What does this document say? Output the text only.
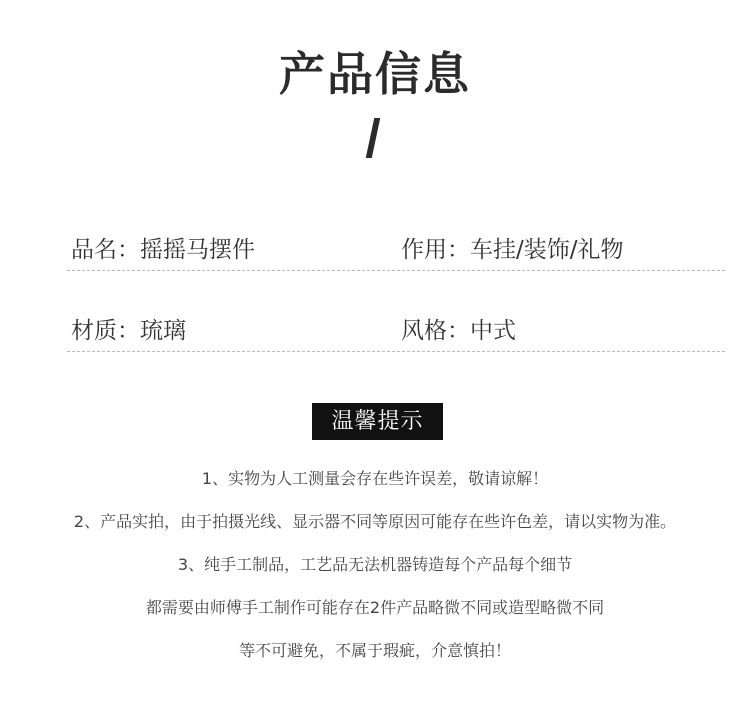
产品信息
品名：摇摇马摆件	作用：车挂/装饰/礼物
材质：琉璃	风格：中式
温馨提示
1、实物为人工测量会存在些许误差，敬请谅解！
2、产品实拍，由于拍摄光线、显示器不同等原因可能存在些许色差，请以实物为准。
3、纯手工制品，工艺品无法机器铸造每个产品每个细节
都需要由师傅手工制作可能存在2件产品略微不同或造型略微不同
等不可避免，不属于瑕疵，介意慎拍！
